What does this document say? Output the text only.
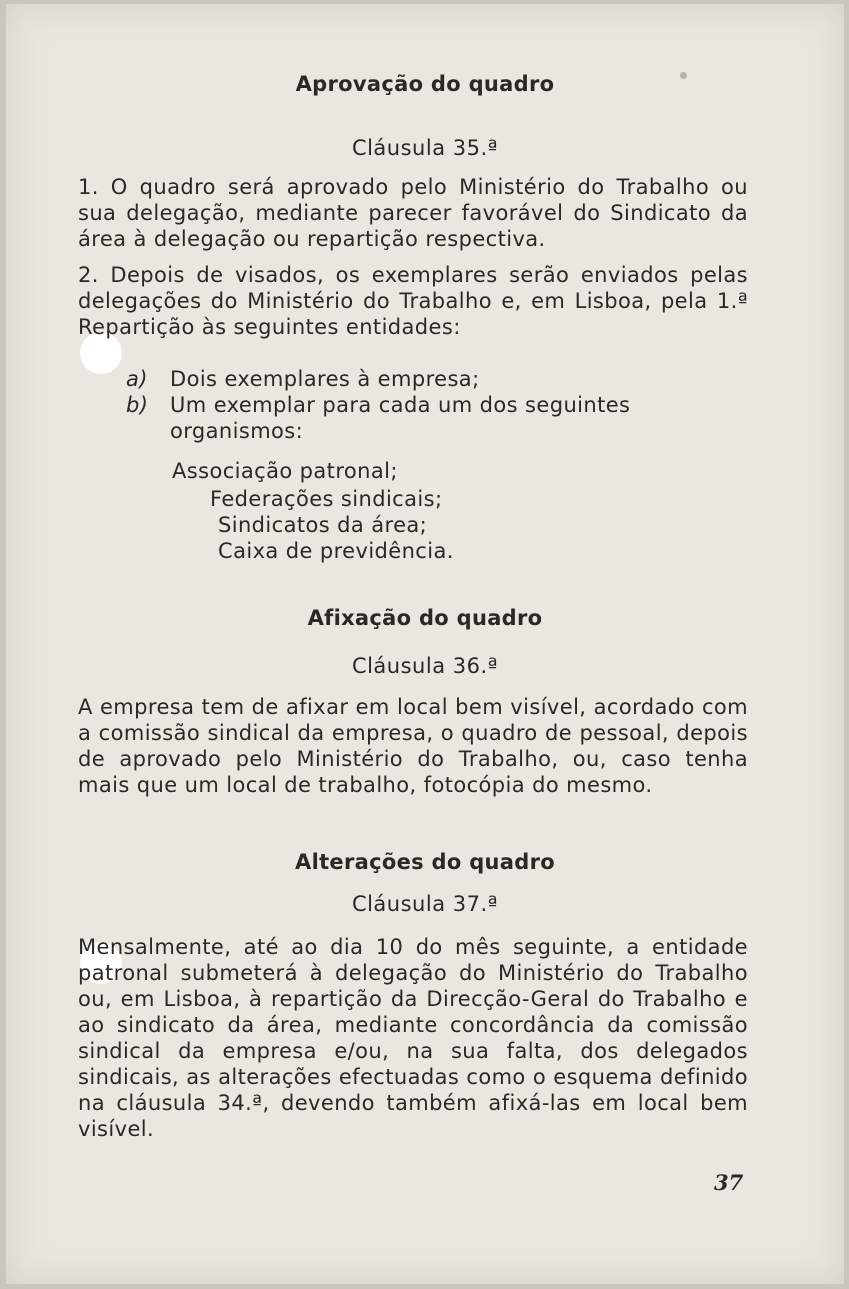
Aprovação do quadro
Cláusula 35.ª

1. O quadro será aprovado pelo Ministério do Trabalho ou sua delegação, mediante parecer favorável do Sindicato da área à delegação ou repartição respectiva.

2. Depois de visados, os exemplares serão enviados pelas delegações do Ministério do Trabalho e, em Lisboa, pela 1.ª Repartição às seguintes entidades:

a) Dois exemplares à empresa;
b)	Um exemplar para cada um dos seguintes organismos:
Associação patronal;
Federações sindicais;
Sindicatos da área;
Caixa de previdência.
Afixação do quadro
Cláusula 36.ª

A empresa tem de afixar em local bem visível, acordado com a comissão sindical da empresa, o quadro de pessoal, depois de aprovado pelo Ministério do Trabalho, ou, caso tenha mais que um local de trabalho, fotocópia do mesmo.

Alterações do quadro
Cláusula 37.ª

Mensalmente, até ao dia 10 do mês seguinte, a entidade patronal submeterá à delegação do Ministério do Trabalho ou, em Lisboa, à repartição da Direcção-Geral do Trabalho e ao sindicato da área, mediante concordância da comissão sindical da empresa e/ou, na sua falta, dos delegados sindicais, as alterações efectuadas como o esquema definido na cláusula 34.ª, devendo também afixá-las em local bem visível.

37
